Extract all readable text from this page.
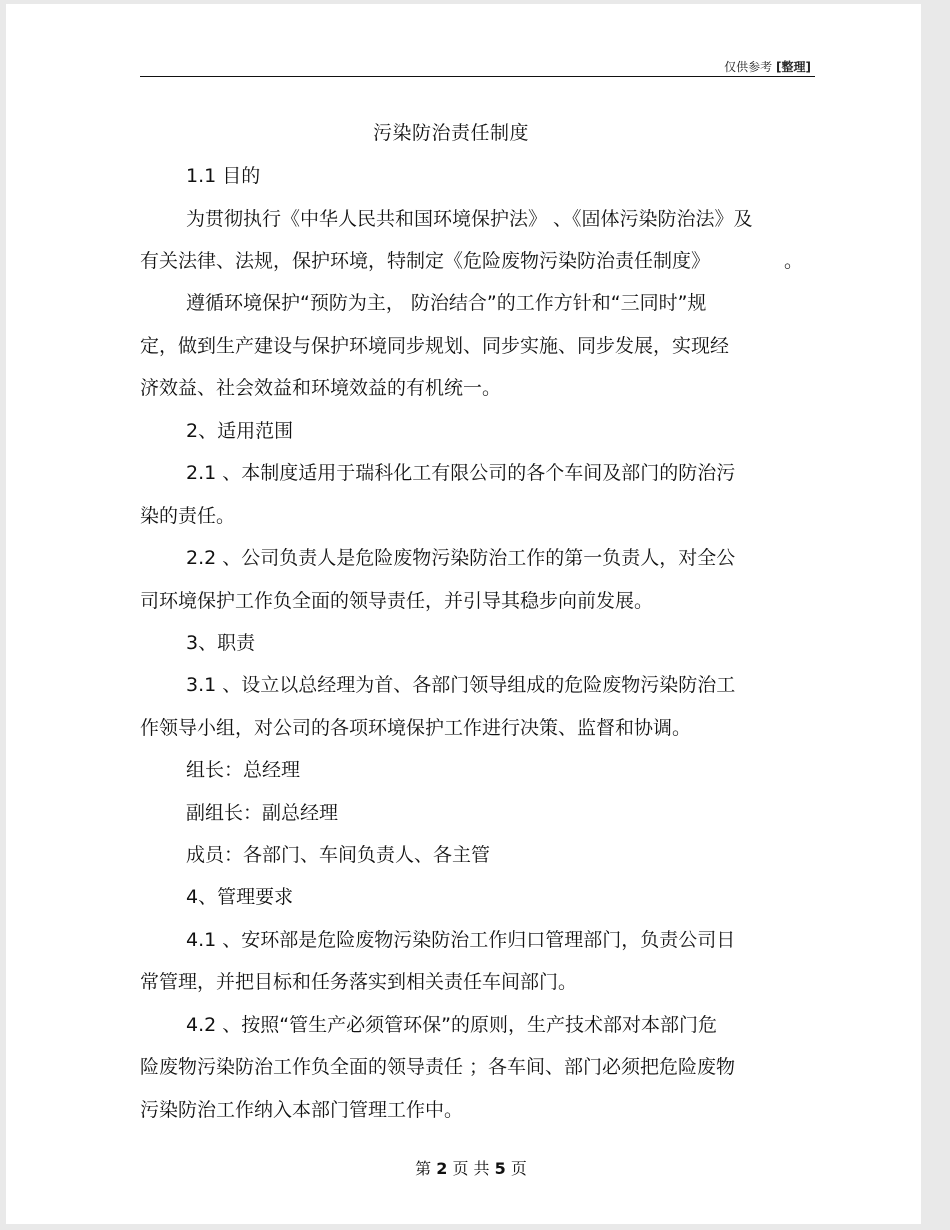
仅供参考 [整理]
污染防治责任制度
1.1 目的
为贯彻执行《中华人民共和国环境保护法》 、《固体污染防治法》及
有关法律、法规，保护环境，特制定《危险废物污染防治责任制度》	。
遵循环境保护“预防为主， 防治结合”的工作方针和“三同时”规
定，做到生产建设与保护环境同步规划、同步实施、同步发展，实现经
济效益、社会效益和环境效益的有机统一。
2、适用范围
2.1 、本制度适用于瑞科化工有限公司的各个车间及部门的防治污
染的责任。
2.2 、公司负责人是危险废物污染防治工作的第一负责人，对全公
司环境保护工作负全面的领导责任，并引导其稳步向前发展。
3、职责
3.1 、设立以总经理为首、各部门领导组成的危险废物污染防治工
作领导小组，对公司的各项环境保护工作进行决策、监督和协调。
组长：总经理
副组长：副总经理
成员：各部门、车间负责人、各主管
4、管理要求
4.1 、安环部是危险废物污染防治工作归口管理部门，负责公司日
常管理，并把目标和任务落实到相关责任车间部门。
4.2 、按照“管生产必须管环保”的原则，生产技术部对本部门危
险废物污染防治工作负全面的领导责任 ；各车间、部门必须把危险废物
污染防治工作纳入本部门管理工作中。
第 2 页 共 5 页
